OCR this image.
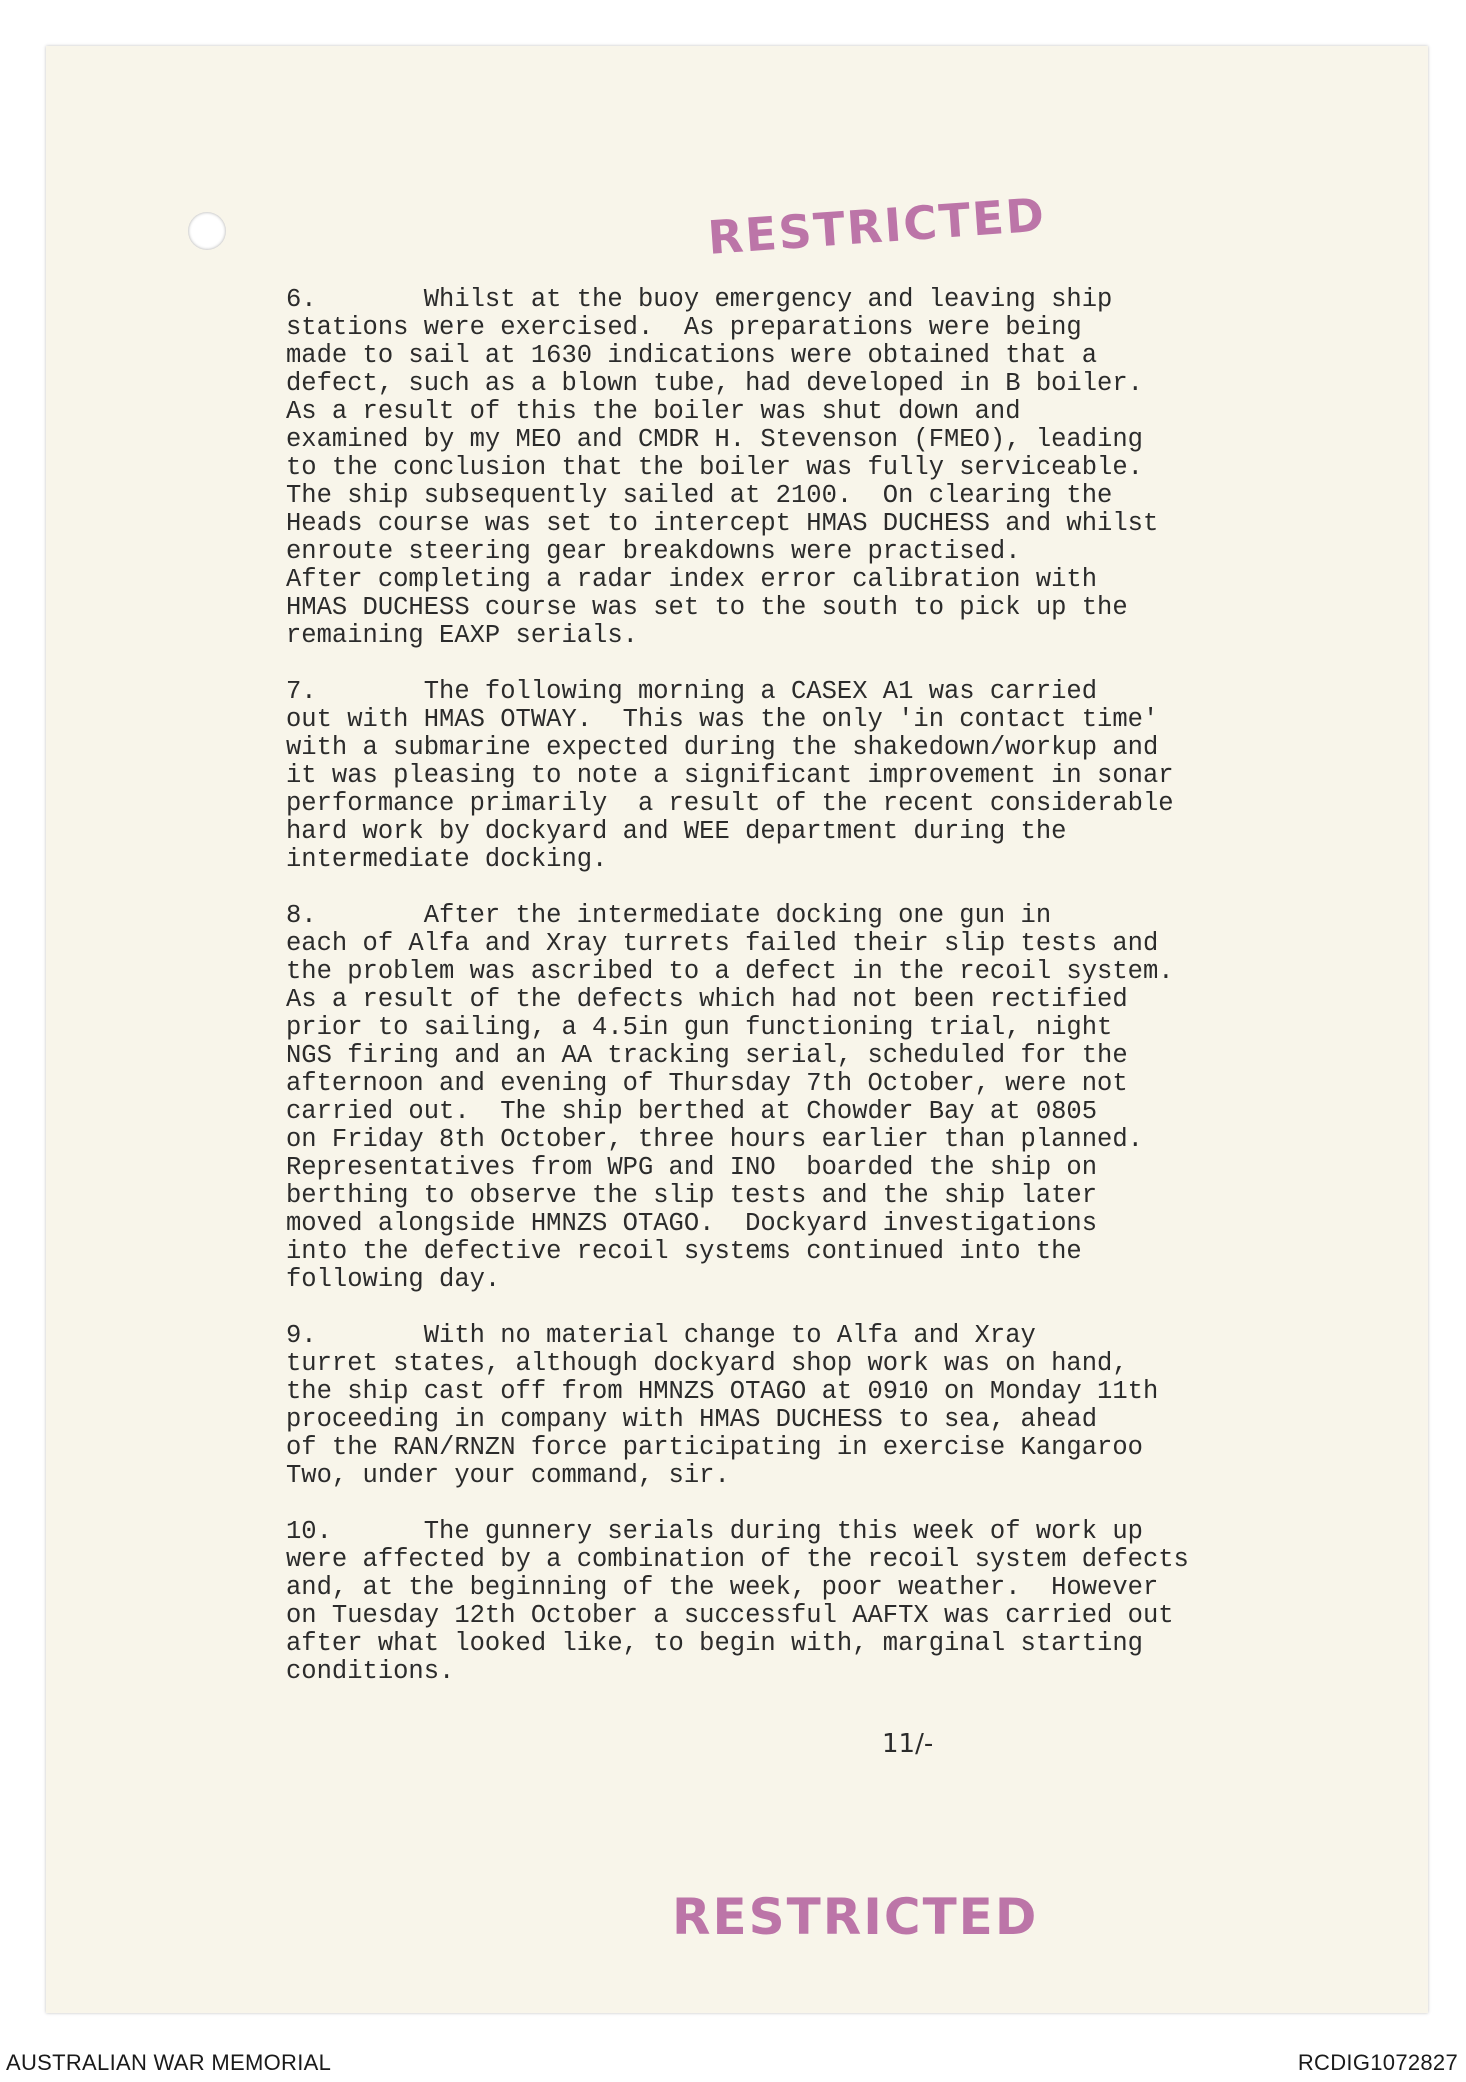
RESTRICTED
6.       Whilst at the buoy emergency and leaving ship
stations were exercised.  As preparations were being
made to sail at 1630 indications were obtained that a
defect, such as a blown tube, had developed in B boiler.
As a result of this the boiler was shut down and
examined by my MEO and CMDR H. Stevenson (FMEO), leading
to the conclusion that the boiler was fully serviceable.
The ship subsequently sailed at 2100.  On clearing the
Heads course was set to intercept HMAS DUCHESS and whilst
enroute steering gear breakdowns were practised.
After completing a radar index error calibration with
HMAS DUCHESS course was set to the south to pick up the
remaining EAXP serials.
7.       The following morning a CASEX A1 was carried
out with HMAS OTWAY.  This was the only 'in contact time'
with a submarine expected during the shakedown/workup and
it was pleasing to note a significant improvement in sonar
performance primarily  a result of the recent considerable
hard work by dockyard and WEE department during the
intermediate docking.
8.       After the intermediate docking one gun in
each of Alfa and Xray turrets failed their slip tests and
the problem was ascribed to a defect in the recoil system.
As a result of the defects which had not been rectified
prior to sailing, a 4.5in gun functioning trial, night
NGS firing and an AA tracking serial, scheduled for the
afternoon and evening of Thursday 7th October, were not
carried out.  The ship berthed at Chowder Bay at 0805
on Friday 8th October, three hours earlier than planned.
Representatives from WPG and INO  boarded the ship on
berthing to observe the slip tests and the ship later
moved alongside HMNZS OTAGO.  Dockyard investigations
into the defective recoil systems continued into the
following day.
9.       With no material change to Alfa and Xray
turret states, although dockyard shop work was on hand,
the ship cast off from HMNZS OTAGO at 0910 on Monday 11th
proceeding in company with HMAS DUCHESS to sea, ahead
of the RAN/RNZN force participating in exercise Kangaroo
Two, under your command, sir.
10.      The gunnery serials during this week of work up
were affected by a combination of the recoil system defects
and, at the beginning of the week, poor weather.  However
on Tuesday 12th October a successful AAFTX was carried out
after what looked like, to begin with, marginal starting
conditions.
11/-
RESTRICTED
AUSTRALIAN WAR MEMORIAL	RCDIG1072827
